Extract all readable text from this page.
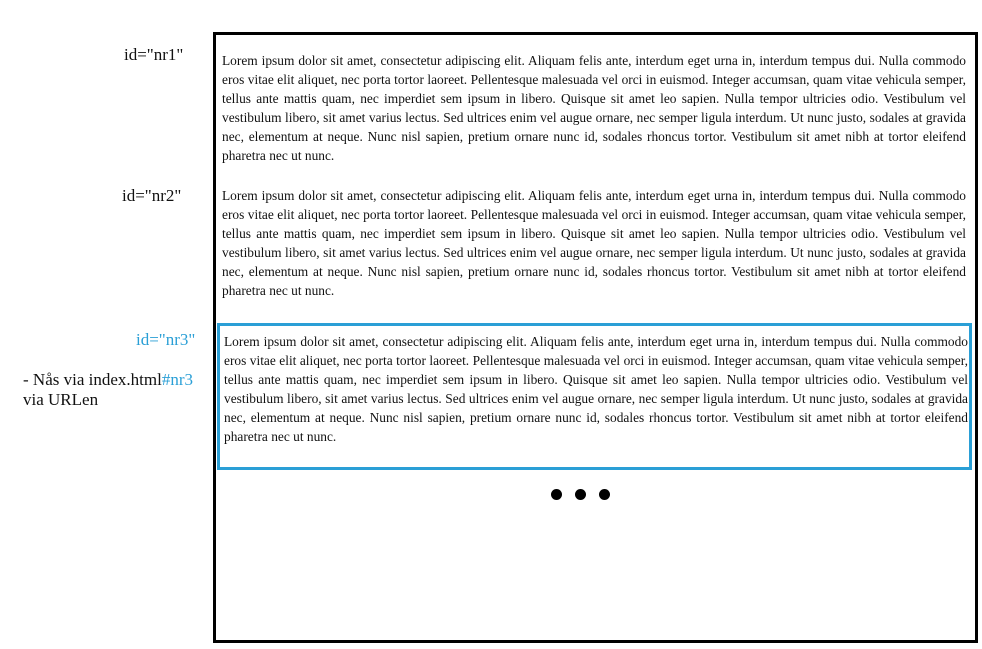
id="nr1"
id="nr2"
id="nr3"
- Nås via index.html#nr3
via URLen

Lorem ipsum dolor sit amet, consectetur adipiscing elit. Aliquam felis ante, interdum eget urna in, interdum tempus dui. Nulla commodo eros vitae elit aliquet, nec porta tortor laoreet. Pellentesque malesuada vel orci in euismod. Integer accumsan, quam vitae vehicula semper, tellus ante mattis quam, nec imperdiet sem ipsum in libero. Quisque sit amet leo sapien. Nulla tempor ultricies odio. Vestibulum vel vestibulum libero, sit amet varius lectus. Sed ultrices enim vel augue ornare, nec semper ligula interdum. Ut nunc justo, sodales at gravida nec, elementum at neque. Nunc nisl sapien, pretium ornare nunc id, sodales rhoncus tortor. Vestibulum sit amet nibh at tortor eleifend pharetra nec ut nunc.

Lorem ipsum dolor sit amet, consectetur adipiscing elit. Aliquam felis ante, interdum eget urna in, interdum tempus dui. Nulla commodo eros vitae elit aliquet, nec porta tortor laoreet. Pellentesque malesuada vel orci in euismod. Integer accumsan, quam vitae vehicula semper, tellus ante mattis quam, nec imperdiet sem ipsum in libero. Quisque sit amet leo sapien. Nulla tempor ultricies odio. Vestibulum vel vestibulum libero, sit amet varius lectus. Sed ultrices enim vel augue ornare, nec semper ligula interdum. Ut nunc justo, sodales at gravida nec, elementum at neque. Nunc nisl sapien, pretium ornare nunc id, sodales rhoncus tortor. Vestibulum sit amet nibh at tortor eleifend pharetra nec ut nunc.

Lorem ipsum dolor sit amet, consectetur adipiscing elit. Aliquam felis ante, interdum eget urna in, interdum tempus dui. Nulla commodo eros vitae elit aliquet, nec porta tortor laoreet. Pellentesque malesuada vel orci in euismod. Integer accumsan, quam vitae vehicula semper, tellus ante mattis quam, nec imperdiet sem ipsum in libero. Quisque sit amet leo sapien. Nulla tempor ultricies odio. Vestibulum vel vestibulum libero, sit amet varius lectus. Sed ultrices enim vel augue ornare, nec semper ligula interdum. Ut nunc justo, sodales at gravida nec, elementum at neque. Nunc nisl sapien, pretium ornare nunc id, sodales rhoncus tortor. Vestibulum sit amet nibh at tortor eleifend pharetra nec ut nunc.
